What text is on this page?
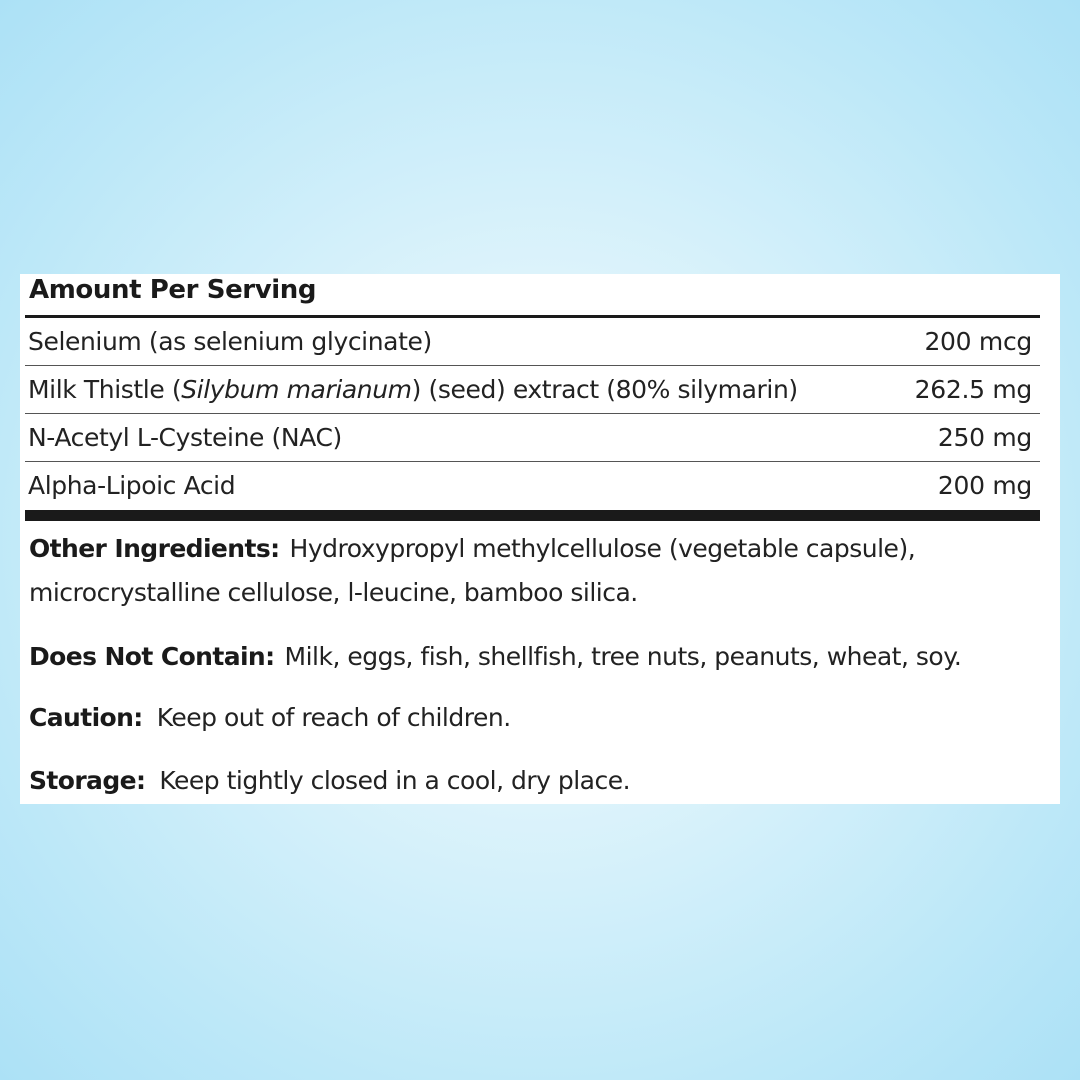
Amount Per Serving
Selenium (as selenium glycinate)	200 mcg
Milk Thistle (Silybum marianum) (seed) extract (80% silymarin)	262.5 mg
N-Acetyl L-Cysteine (NAC)	250 mg
Alpha-Lipoic Acid	200 mg
Other Ingredients: Hydroxypropyl methylcellulose (vegetable capsule),
microcrystalline cellulose, l-leucine, bamboo silica.
Does Not Contain: Milk, eggs, fish, shellfish, tree nuts, peanuts, wheat, soy.
Caution: Keep out of reach of children.
Storage: Keep tightly closed in a cool, dry place.
